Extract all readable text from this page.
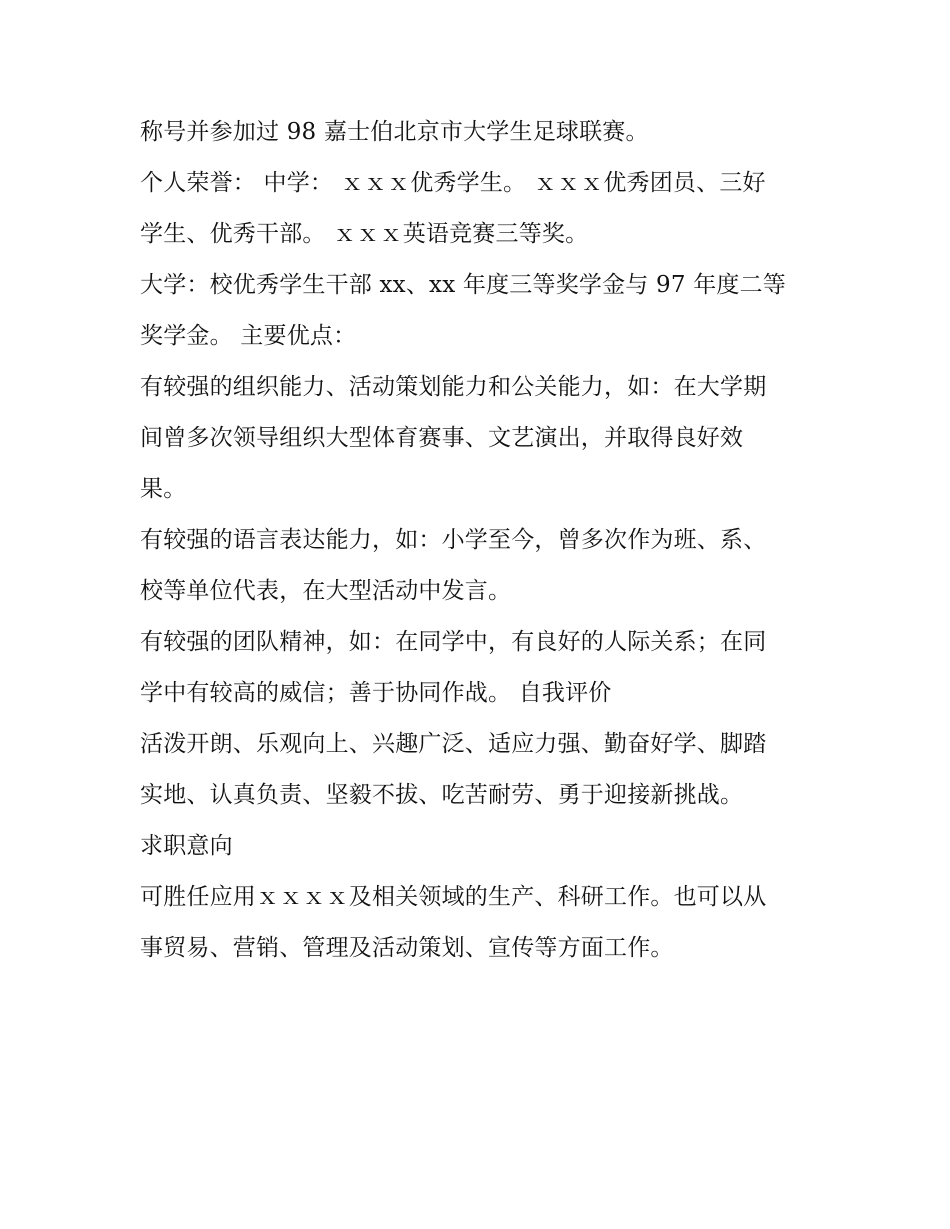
称号并参加过 98 嘉士伯北京市大学生足球联赛。
个人荣誉： 中学： ｘｘｘ优秀学生。 ｘｘｘ优秀团员、三好
学生、优秀干部。 ｘｘｘ英语竞赛三等奖。
大学：校优秀学生干部 xx、xx 年度三等奖学金与 97 年度二等
奖学金。 主要优点：
有较强的组织能力、活动策划能力和公关能力，如：在大学期
间曾多次领导组织大型体育赛事、文艺演出，并取得良好效
果。
有较强的语言表达能力，如：小学至今，曾多次作为班、系、
校等单位代表，在大型活动中发言。
有较强的团队精神，如：在同学中，有良好的人际关系；在同
学中有较高的威信；善于协同作战。 自我评价
活泼开朗、乐观向上、兴趣广泛、适应力强、勤奋好学、脚踏
实地、认真负责、坚毅不拔、吃苦耐劳、勇于迎接新挑战。
求职意向
可胜任应用ｘｘｘｘ及相关领域的生产、科研工作。也可以从
事贸易、营销、管理及活动策划、宣传等方面工作。
